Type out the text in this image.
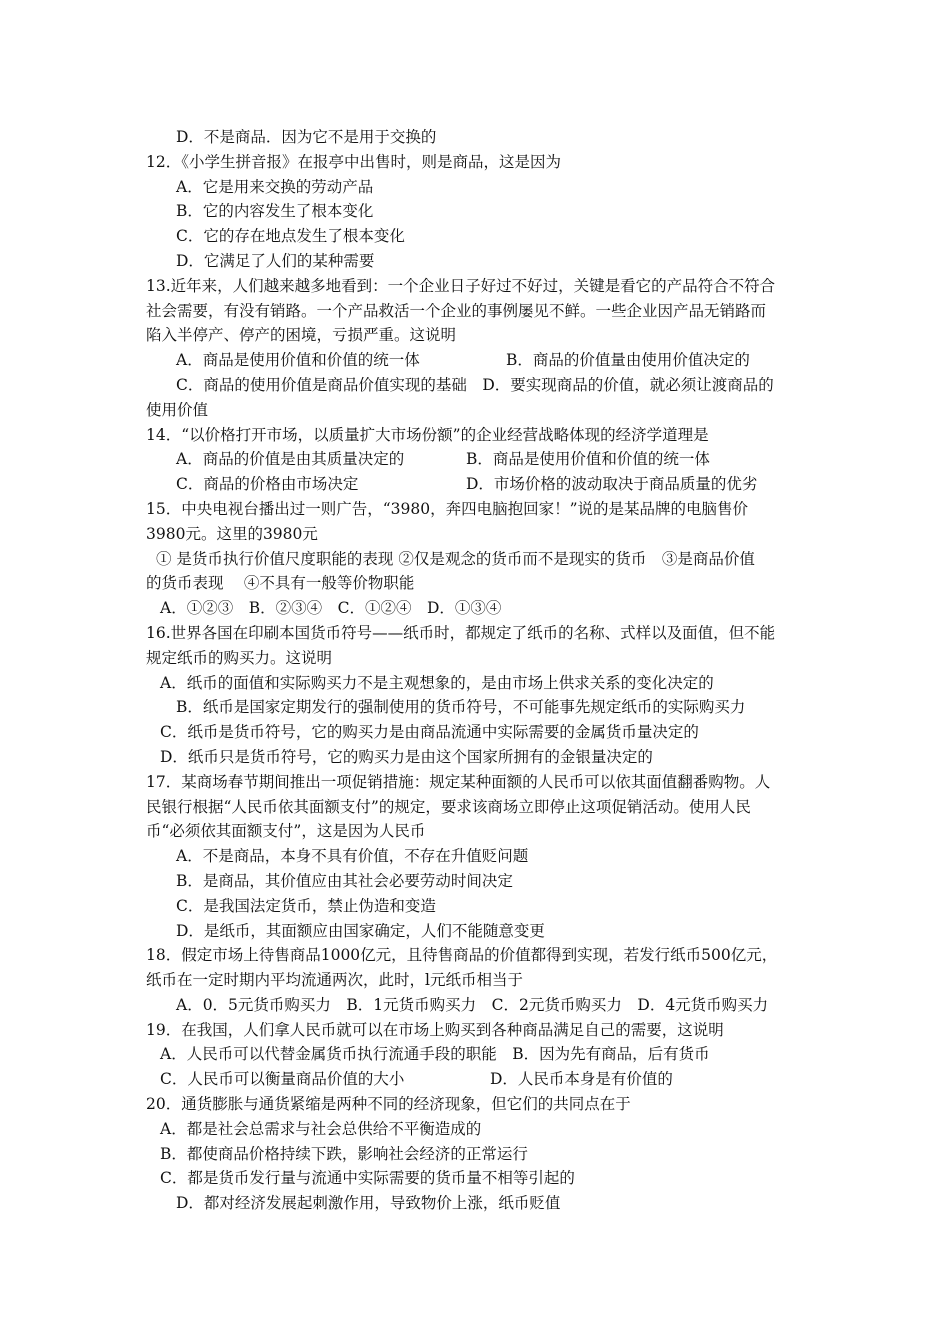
D．不是商品．因为它不是用于交换的
12．《小学生拼音报》在报亭中出售时，则是商品，这是因为
A．它是用来交换的劳动产品
B．它的内容发生了根本变化
C．它的存在地点发生了根本变化
D．它满足了人们的某种需要
13.近年来，人们越来越多地看到：一个企业日子好过不好过，关键是看它的产品符合不符合
社会需要，有没有销路。一个产品救活一个企业的事例屡见不鲜。一些企业因产品无销路而
陷入半停产、停产的困境，亏损严重。这说明
A．商品是使用价值和价值的统一体	B．商品的价值量由使用价值决定的
C．商品的使用价值是商品价值实现的基础　D．要实现商品的价值，就必须让渡商品的
使用价值
14．“以价格打开市场，以质量扩大市场份额”的企业经营战略体现的经济学道理是
A．商品的价值是由其质量决定的	B．商品是使用价值和价值的统一体
C．商品的价格由市场决定	D．市场价格的波动取决于商品质量的优劣
15．中央电视台播出过一则广告，“3980，奔四电脑抱回家！”说的是某品牌的电脑售价
3980元。这里的3980元
① 是货币执行价值尺度职能的表现 ②仅是观念的货币而不是现实的货币　③是商品价值
的货币表现　 ④不具有一般等价物职能
A．①②③　B．②③④　C．①②④　D．①③④
16.世界各国在印刷本国货币符号——纸币时，都规定了纸币的名称、式样以及面值，但不能
规定纸币的购买力。这说明
A．纸币的面值和实际购买力不是主观想象的，是由市场上供求关系的变化决定的
B．纸币是国家定期发行的强制使用的货币符号，不可能事先规定纸币的实际购买力
C．纸币是货币符号，它的购买力是由商品流通中实际需要的金属货币量决定的
D．纸币只是货币符号，它的购买力是由这个国家所拥有的金银量决定的
17．某商场春节期间推出一项促销措施：规定某种面额的人民币可以依其面值翻番购物。人
民银行根据“人民币依其面额支付”的规定，要求该商场立即停止这项促销活动。使用人民
币“必须依其面额支付”，这是因为人民币
A．不是商品，本身不具有价值，不存在升值贬问题
B．是商品，其价值应由其社会必要劳动时间决定
C．是我国法定货币，禁止伪造和变造
D．是纸币，其面额应由国家确定，人们不能随意变更
18．假定市场上待售商品1000亿元，且待售商品的价值都得到实现，若发行纸币500亿元，
纸币在一定时期内平均流通两次，此时，l元纸币相当于
A．0．5元货币购买力　B．1元货币购买力　C．2元货币购买力　D．4元货币购买力
19．在我国，人们拿人民币就可以在市场上购买到各种商品满足自己的需要，这说明
A．人民币可以代替金属货币执行流通手段的职能　B．因为先有商品，后有货币
C．人民币可以衡量商品价值的大小	D．人民币本身是有价值的
20．通货膨胀与通货紧缩是两种不同的经济现象，但它们的共同点在于
A．都是社会总需求与社会总供给不平衡造成的
B．都使商品价格持续下跌，影响社会经济的正常运行
C．都是货币发行量与流通中实际需要的货币量不相等引起的
D．都对经济发展起刺激作用，导致物价上涨，纸币贬值
